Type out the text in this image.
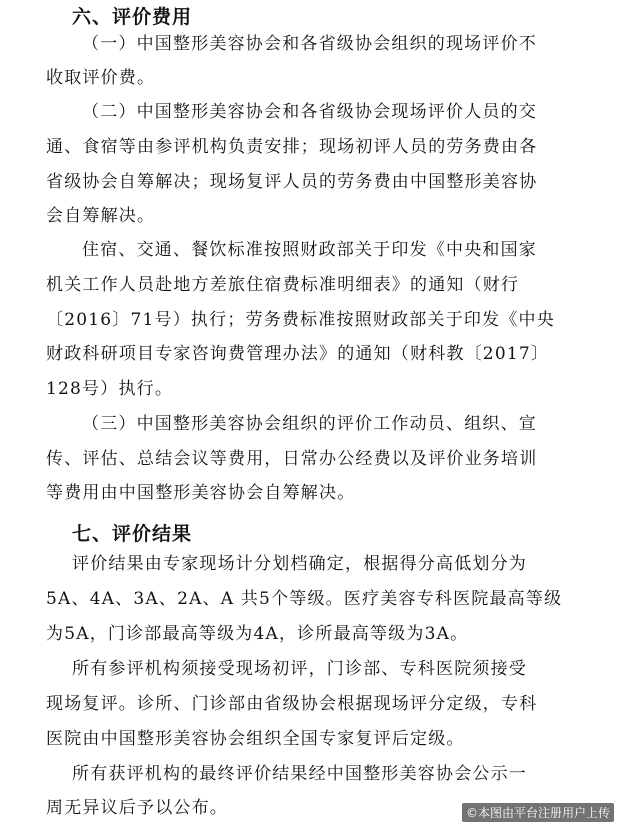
六、评价费用
（一）中国整形美容协会和各省级协会组织的现场评价不
收取评价费。
（二）中国整形美容协会和各省级协会现场评价人员的交
通、食宿等由参评机构负责安排；现场初评人员的劳务费由各
省级协会自筹解决；现场复评人员的劳务费由中国整形美容协
会自筹解决。
住宿、交通、餐饮标准按照财政部关于印发《中央和国家
机关工作人员赴地方差旅住宿费标准明细表》的通知（财行
〔2016〕71号）执行；劳务费标准按照财政部关于印发《中央
财政科研项目专家咨询费管理办法》的通知（财科教〔2017〕
128号）执行。
（三）中国整形美容协会组织的评价工作动员、组织、宣
传、评估、总结会议等费用，日常办公经费以及评价业务培训
等费用由中国整形美容协会自筹解决。
七、评价结果
评价结果由专家现场计分划档确定，根据得分高低划分为
5A、4A、3A、2A、A 共5个等级。医疗美容专科医院最高等级
为5A，门诊部最高等级为4A，诊所最高等级为3A。
所有参评机构须接受现场初评，门诊部、专科医院须接受
现场复评。诊所、门诊部由省级协会根据现场评分定级，专科
医院由中国整形美容协会组织全国专家复评后定级。
所有获评机构的最终评价结果经中国整形美容协会公示一
周无异议后予以公布。	©本图由平台注册用户上传
